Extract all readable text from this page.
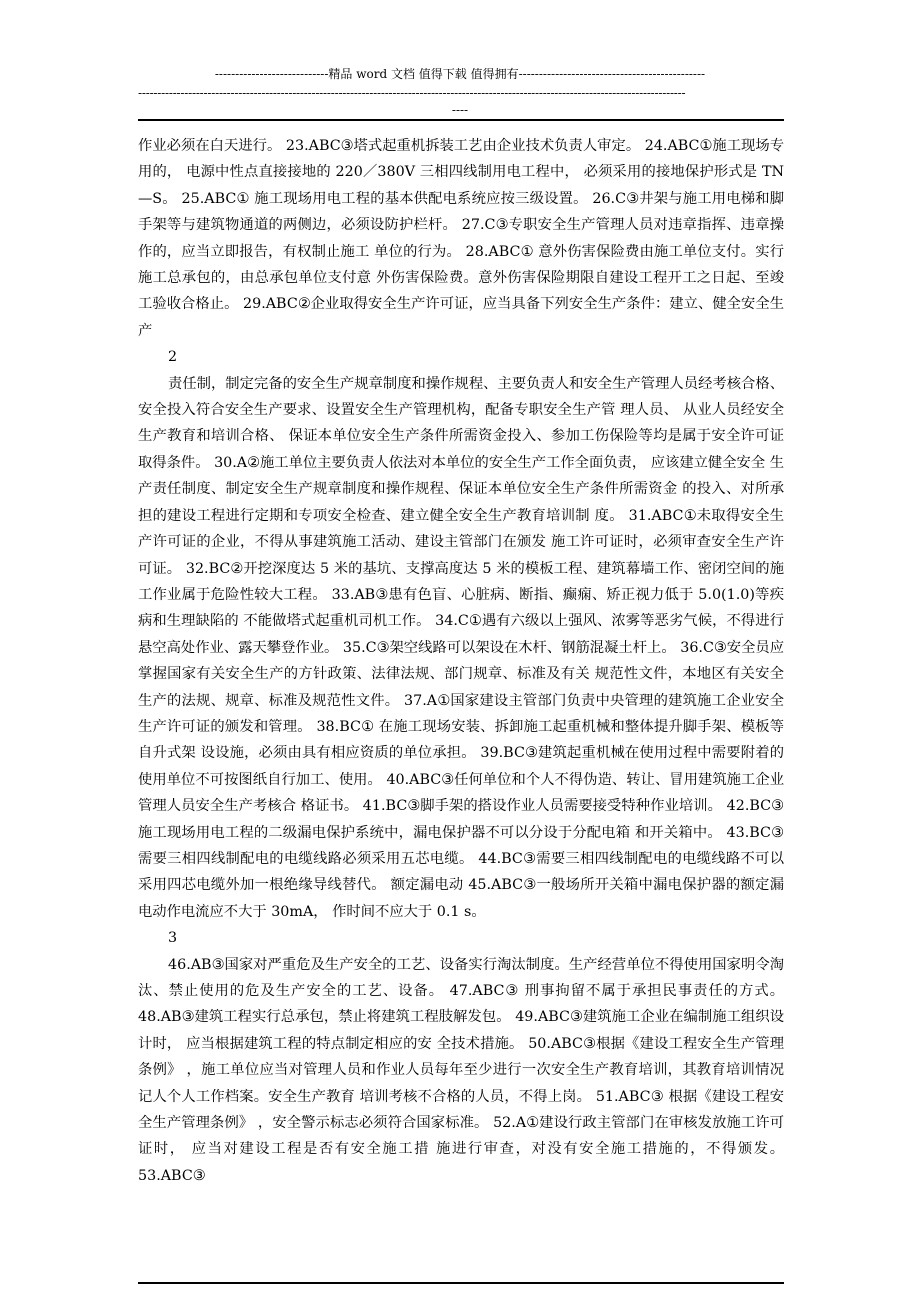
----------------------------精品 word 文档 值得下载 值得拥有----------------------------------------------
----------------------------------------------------------------------------------------------------------------------------------------------
----

作业必须在白天进行。 23.ABC③塔式起重机拆装工艺由企业技术负责人审定。 24.ABC①施工现场专用的， 电源中性点直接接地的 220／380V 三相四线制用电工程中， 必须采用的接地保护形式是 TN—S。 25.ABC① 施工现场用电工程的基本供配电系统应按三级设置。 26.C③井架与施工用电梯和脚手架等与建筑物通道的两侧边，必须设防护栏杆。 27.C③专职安全生产管理人员对违章指挥、违章操作的，应当立即报告，有权制止施工 单位的行为。 28.ABC① 意外伤害保险费由施工单位支付。实行施工总承包的，由总承包单位支付意 外伤害保险费。意外伤害保险期限自建设工程开工之日起、至竣工验收合格止。 29.ABC②企业取得安全生产许可证，应当具备下列安全生产条件：建立、健全安全生产

2

责任制，制定完备的安全生产规章制度和操作规程、主要负责人和安全生产管理人员经考核合格、安全投入符合安全生产要求、设置安全生产管理机构，配备专职安全生产管 理人员、 从业人员经安全生产教育和培训合格、 保证本单位安全生产条件所需资金投入、参加工伤保险等均是属于安全许可证取得条件。 30.A②施工单位主要负责人依法对本单位的安全生产工作全面负责， 应该建立健全安全 生产责任制度、制定安全生产规章制度和操作规程、保证本单位安全生产条件所需资金 的投入、对所承担的建设工程进行定期和专项安全检查、建立健全安全生产教育培训制 度。 31.ABC①未取得安全生产许可证的企业，不得从事建筑施工活动、建设主管部门在颁发 施工许可证时，必须审查安全生产许可证。 32.BC②开挖深度达 5 米的基坑、支撑高度达 5 米的模板工程、建筑幕墙工作、密闭空间的施工作业属于危险性较大工程。 33.AB③患有色盲、心脏病、断指、癫痫、矫正视力低于 5.0(1.0)等疾病和生理缺陷的 不能做塔式起重机司机工作。 34.C①遇有六级以上强风、浓雾等恶劣气候，不得进行悬空高处作业、露天攀登作业。 35.C③架空线路可以架设在木杆、钢筋混凝土杆上。 36.C③安全员应掌握国家有关安全生产的方针政策、法律法规、部门规章、标准及有关 规范性文件，本地区有关安全生产的法规、规章、标准及规范性文件。 37.A①国家建设主管部门负责中央管理的建筑施工企业安全生产许可证的颁发和管理。 38.BC① 在施工现场安装、拆卸施工起重机械和整体提升脚手架、模板等自升式架 设设施，必须由具有相应资质的单位承担。 39.BC③建筑起重机械在使用过程中需要附着的使用单位不可按图纸自行加工、使用。 40.ABC③任何单位和个人不得伪造、转让、冒用建筑施工企业管理人员安全生产考核合 格证书。 41.BC③脚手架的搭设作业人员需要接受特种作业培训。 42.BC③施工现场用电工程的二级漏电保护系统中，漏电保护器不可以分设于分配电箱 和开关箱中。 43.BC③需要三相四线制配电的电缆线路必须采用五芯电缆。 44.BC③需要三相四线制配电的电缆线路不可以采用四芯电缆外加一根绝缘导线替代。 额定漏电动 45.ABC③一般场所开关箱中漏电保护器的额定漏电动作电流应不大于 30mA， 作时间不应大于 0.1 s。

3

46.AB③国家对严重危及生产安全的工艺、设备实行淘汰制度。生产经营单位不得使用国家明令淘汰、禁止使用的危及生产安全的工艺、设备。 47.ABC③ 刑事拘留不属于承担民事责任的方式。 48.AB③建筑工程实行总承包，禁止将建筑工程肢解发包。 49.ABC③建筑施工企业在编制施工组织设计时， 应当根据建筑工程的特点制定相应的安 全技术措施。 50.ABC③根据《建设工程安全生产管理条例》 ，施工单位应当对管理人员和作业人员每年至少进行一次安全生产教育培训，其教育培训情况记人个人工作档案。安全生产教育 培训考核不合格的人员，不得上岗。 51.ABC③ 根据《建设工程安全生产管理条例》 ，安全警示标志必须符合国家标准。 52.A①建设行政主管部门在审核发放施工许可证时， 应当对建设工程是否有安全施工措 施进行审查，对没有安全施工措施的，不得颁发。 53.ABC③
